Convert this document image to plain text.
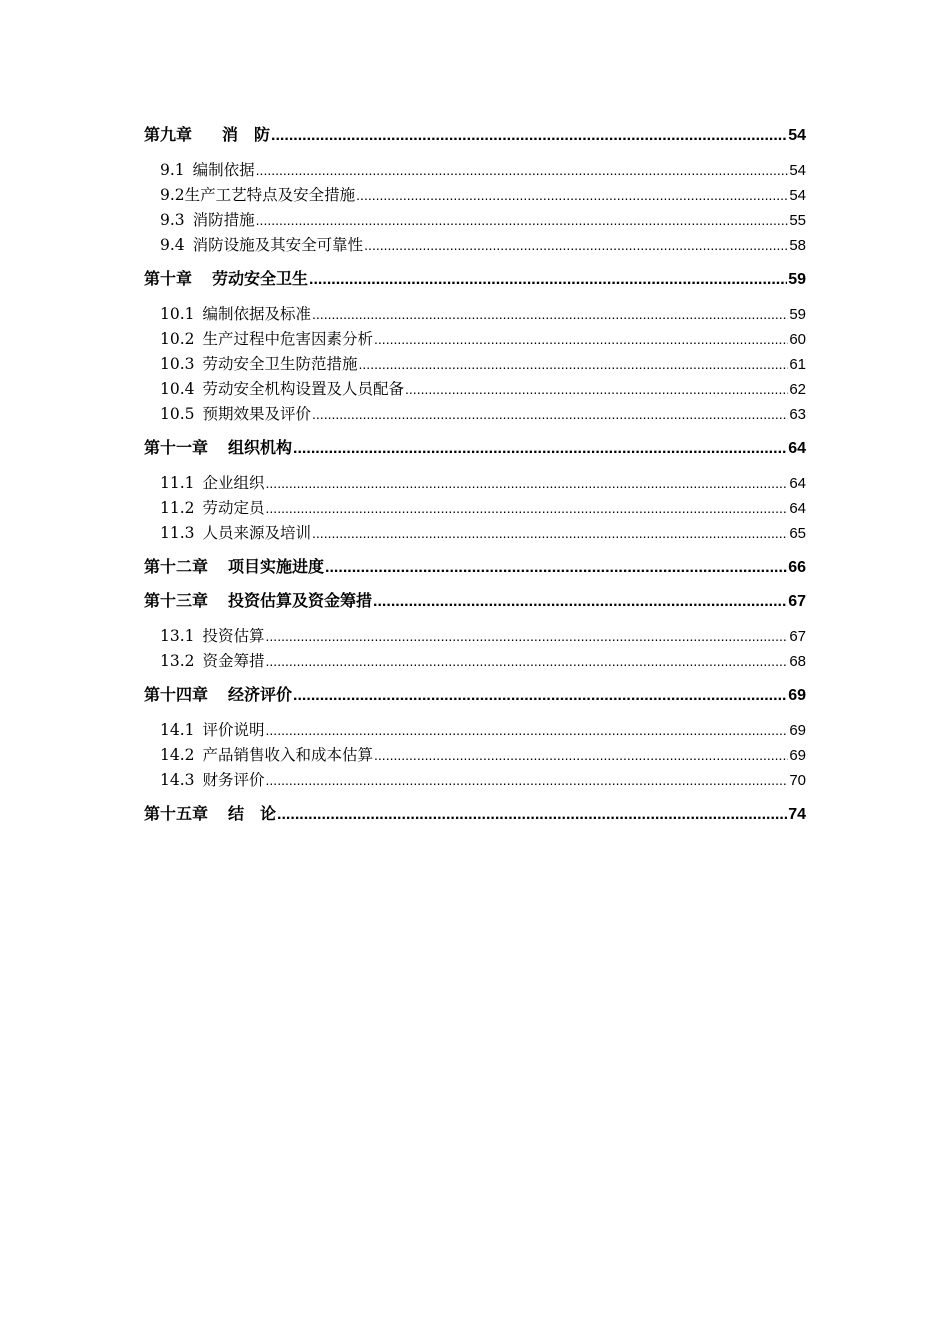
第九章 消　防 .....	54
9.1 编制依据 .....	54
9.2 生产工艺特点及安全措施 .....	54
9.3 消防措施 .....	55
9.4 消防设施及其安全可靠性 .....	58
第十章 劳动安全卫生 .....	59
10.1 编制依据及标准 .....	59
10.2 生产过程中危害因素分析 .....	60
10.3 劳动安全卫生防范措施 .....	61
10.4 劳动安全机构设置及人员配备 .....	62
10.5 预期效果及评价 .....	63
第十一章 组织机构 .....	64
11.1 企业组织 .....	64
11.2 劳动定员 .....	64
11.3 人员来源及培训 .....	65
第十二章 项目实施进度 .....	66
第十三章 投资估算及资金筹措 .....	67
13.1 投资估算 .....	67
13.2 资金筹措 .....	68
第十四章 经济评价 .....	69
14.1 评价说明 .....	69
14.2 产品销售收入和成本估算 .....	69
14.3 财务评价 .....	70
第十五章 结　论 .....	74
